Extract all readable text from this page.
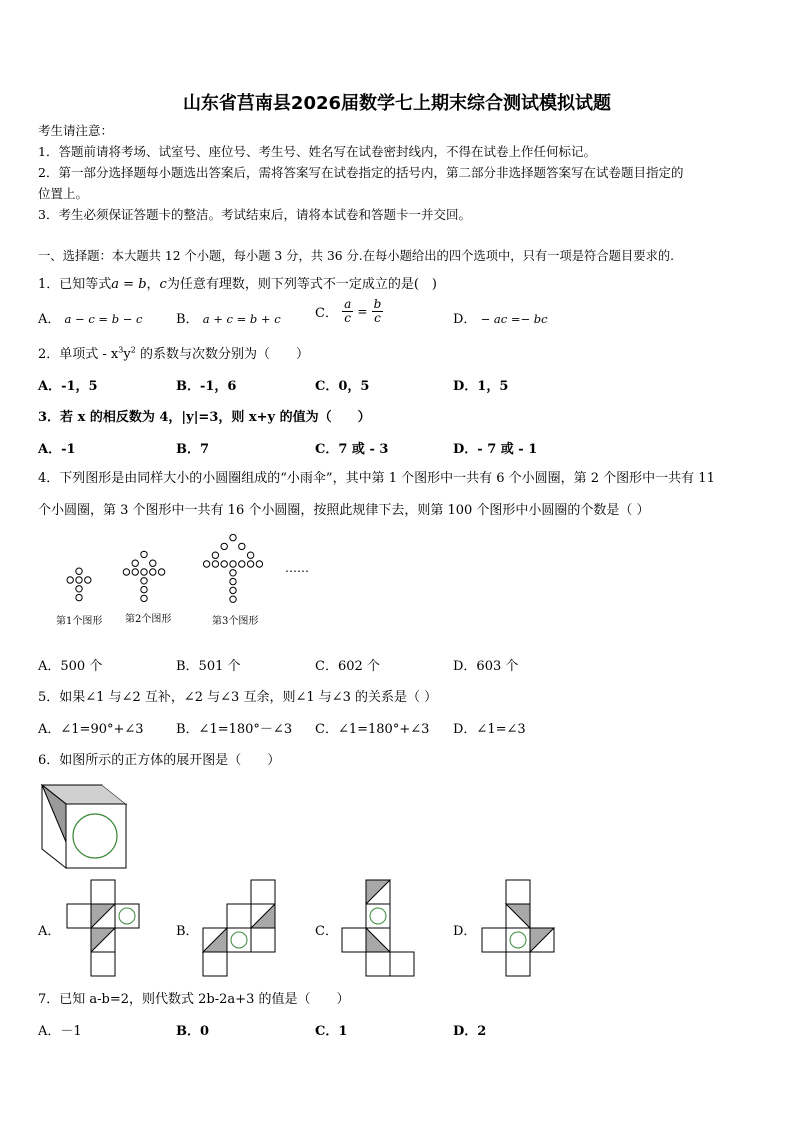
山东省莒南县2026届数学七上期末综合测试模拟试题
考生请注意：
1．答题前请将考场、试室号、座位号、考生号、姓名写在试卷密封线内，不得在试卷上作任何标记。
2．第一部分选择题每小题选出答案后，需将答案写在试卷指定的括号内，第二部分非选择题答案写在试卷题目指定的
位置上。
3．考生必须保证答题卡的整洁。考试结束后，请将本试卷和答题卡一并交回。
一、选择题：本大题共 12 个小题，每小题 3 分，共 36 分.在每小题给出的四个选项中，只有一项是符合题目要求的.
1．已知等式a = b，c为任意有理数，则下列等式不一定成立的是(　)
A． a − c = b − c	B． a + c = b + c	C． $\frac{a}{c} = \frac{b}{c}$	D． − ac =− bc
2．单项式 - $x^3y^2$ 的系数与次数分别为（　　）
A．-1，5	B．-1，6	C．0，5	D．1，5
3．若 x 的相反数为 4，|y|=3，则 x+y 的值为（　　）
A．-1	B．7	C．7 或 - 3	D．- 7 或 - 1
4．下列图形是由同样大小的小圆圈组成的“小雨伞”，其中第 1 个图形中一共有 6 个小圆圈，第 2 个图形中一共有 11
个小圆圈，第 3 个图形中一共有 16 个小圆圈，按照此规律下去，则第 100 个图形中小圆圈的个数是（ ）
第1个图形 第2个图形	第3个图形
……
A．500 个	B．501 个	C．602 个	D．603 个
5．如果∠1 与∠2 互补，∠2 与∠3 互余，则∠1 与∠3 的关系是（ ）
A．∠1=90°+∠3 B．∠1=180°－∠3 C．∠1=180°+∠3 D．∠1=∠3
6．如图所示的正方体的展开图是（　　）
A．	B．	C．	D．
7．已知 a-b=2，则代数式 2b-2a+3 的值是（　　）
A．－1	B．0	C．1	D．2
